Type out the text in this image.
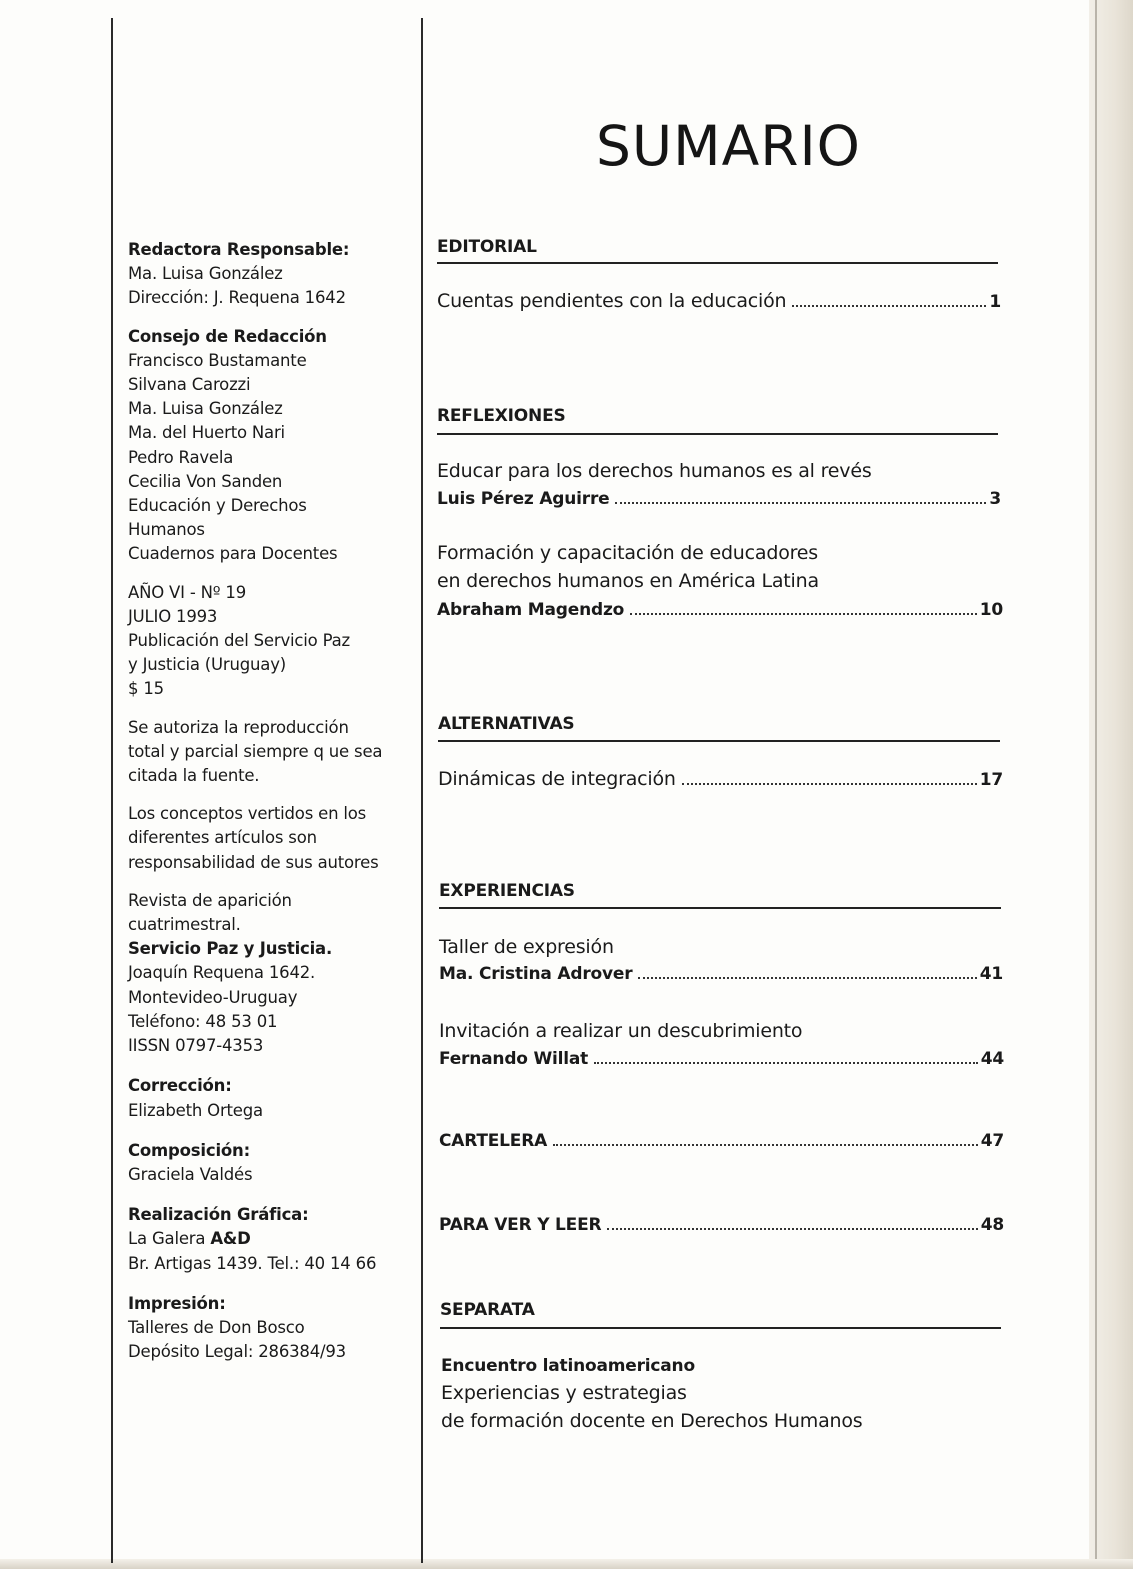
Redactora Responsable:
Ma. Luisa González
Dirección: J. Requena 1642
Consejo de Redacción
Francisco Bustamante
Silvana Carozzi
Ma. Luisa González
Ma. del Huerto Nari
Pedro Ravela
Cecilia Von Sanden
Educación y Derechos
Humanos
Cuadernos para Docentes
AÑO VI - Nº 19
JULIO 1993
Publicación del Servicio Paz
y Justicia (Uruguay)
$ 15
Se autoriza la reproducción
total y parcial siempre q ue sea
citada la fuente.
Los conceptos vertidos en los
diferentes artículos son
responsabilidad de sus autores
Revista de aparición
cuatrimestral.
Servicio Paz y Justicia.
Joaquín Requena 1642.
Montevideo-Uruguay
Teléfono: 48 53 01
IISSN 0797-4353
Corrección:
Elizabeth Ortega
Composición:
Graciela Valdés
Realización Gráfica:
La Galera A&D
Br. Artigas 1439. Tel.: 40 14 66
Impresión:
Talleres de Don Bosco
Depósito Legal: 286384/93
SUMARIO
EDITORIAL
Cuentas pendientes con la educación	1
REFLEXIONES
Educar para los derechos humanos es al revés
Luis Pérez Aguirre	3
Formación y capacitación de educadores
en derechos humanos en América Latina
Abraham Magendzo	10
ALTERNATIVAS
Dinámicas de integración	17
EXPERIENCIAS
Taller de expresión
Ma. Cristina Adrover	41
Invitación a realizar un descubrimiento
Fernando Willat	44
CARTELERA	47
PARA VER Y LEER	48
SEPARATA
Encuentro latinoamericano
Experiencias y estrategias
de formación docente en Derechos Humanos
